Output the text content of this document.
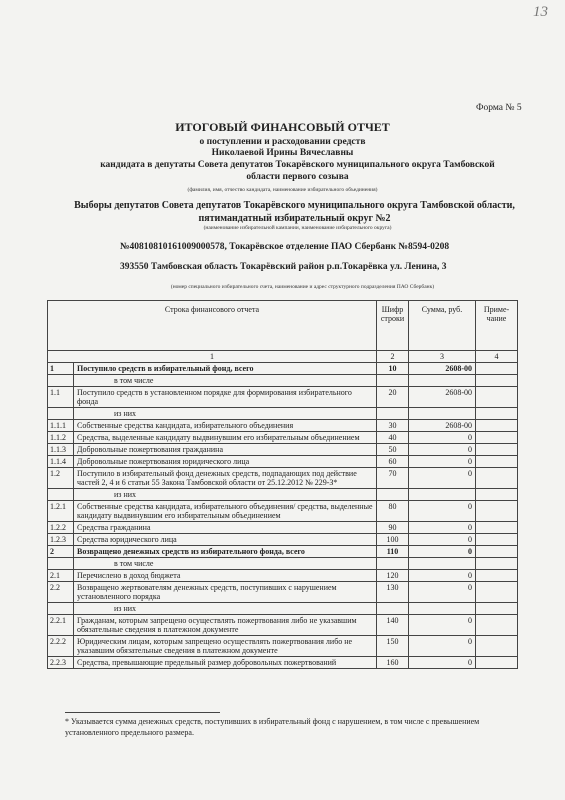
13
Форма № 5
ИТОГОВЫЙ ФИНАНСОВЫЙ ОТЧЕТ
о поступлении и расходовании средств
Николаевой Ирины Вячеславны
кандидата в депутаты Совета депутатов Токарёвского муниципального округа Тамбовской
области первого созыва
(фамилия, имя, отчество кандидата, наименование избирательного объединения)
Выборы депутатов Совета депутатов Токарёвского муниципального округа Тамбовской области,
пятимандатный избирательный округ №2
(наименование избирательной кампании, наименование избирательного округа)
№40810810161009000578, Токарёвское отделение ПАО Сбербанк №8594-0208
393550 Тамбовская область Токарёвский район р.п.Токарёвка ул. Ленина, 3
(номер специального избирательного счета, наименование и адрес структурного подразделения ПАО Сбербанк)
Строка финансового отчета		Шифр строки	Сумма, руб.	Приме-чание
1		2	3	4
1	Поступило средств в избирательный фонд, всего	10	2608-00	
	в том числе			
1.1	Поступило средств в установленном порядке для формирования избирательного фонда	20	2608-00	
	из них			
1.1.1	Собственные средства кандидата, избирательного объединения	30	2608-00	
1.1.2	Средства, выделенные кандидату выдвинувшим его избирательным объединением	40	0	
1.1.3	Добровольные пожертвования гражданина	50	0	
1.1.4	Добровольные пожертвования юридического лица	60	0	
1.2	Поступило в избирательный фонд денежных средств, подпадающих под действие частей 2, 4 и 6 статьи 55 Закона Тамбовской области от 25.12.2012 № 229-З*	70	0	
	из них			
1.2.1	Собственные средства кандидата, избирательного объединения/ средства, выделенные кандидату выдвинувшим его избирательным объединением	80	0	
1.2.2	Средства гражданина	90	0	
1.2.3	Средства юридического лица	100	0	
2	Возвращено денежных средств из избирательного фонда, всего	110	0	
	в том числе			
2.1	Перечислено в доход бюджета	120	0	
2.2	Возвращено жертвователям денежных средств, поступивших с нарушением установленного порядка	130	0	
	из них			
2.2.1	Гражданам, которым запрещено осуществлять пожертвования либо не указавшим обязательные сведения в платежном документе	140	0	
2.2.2	Юридическим лицам, которым запрещено осуществлять пожертвования либо не указавшим обязательные сведения в платежном документе	150	0	
2.2.3	Средства, превышающие предельный размер добровольных пожертвований	160	0	
* Указывается сумма денежных средств, поступивших в избирательный фонд с нарушением, в том числе с превышением установленного предельного размера.
